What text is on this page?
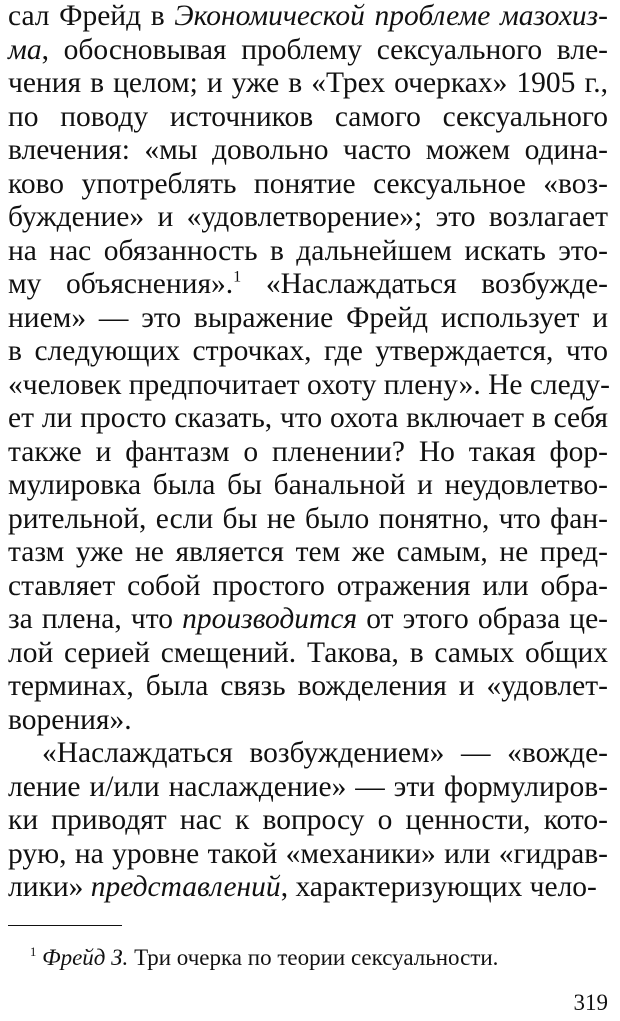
сал Фрейд в Экономической проблеме мазохиз-
ма, обосновывая проблему сексуального вле-
чения в целом; и уже в «Трех очерках» 1905 г.,
по поводу источников самого сексуального
влечения: «мы довольно часто можем одина-
ково употреблять понятие сексуальное «воз-
буждение» и «удовлетворение»; это возлагает
на нас обязанность в дальнейшем искать это-
му объяснения».$^1$ «Наслаждаться возбужде-
нием» — это выражение Фрейд использует и
в следующих строчках, где утверждается, что
«человек предпочитает охоту плену». Не следу-
ет ли просто сказать, что охота включает в себя
также и фантазм о пленении? Но такая фор-
мулировка была бы банальной и неудовлетво-
рительной, если бы не было понятно, что фан-
тазм уже не является тем же самым, не пред-
ставляет собой простого отражения или обра-
за плена, что производится от этого образа це-
лой серией смещений. Такова, в самых общих
терминах, была связь вожделения и «удовлет-
ворения».
«Наслаждаться возбуждением» — «вожде-
ление и/или наслаждение» — эти формулиров-
ки приводят нас к вопросу о ценности, кото-
рую, на уровне такой «механики» или «гидрав-
лики» представлений, характеризующих чело-
$^1$ Фрейд З. Три очерка по теории сексуальности.
319
